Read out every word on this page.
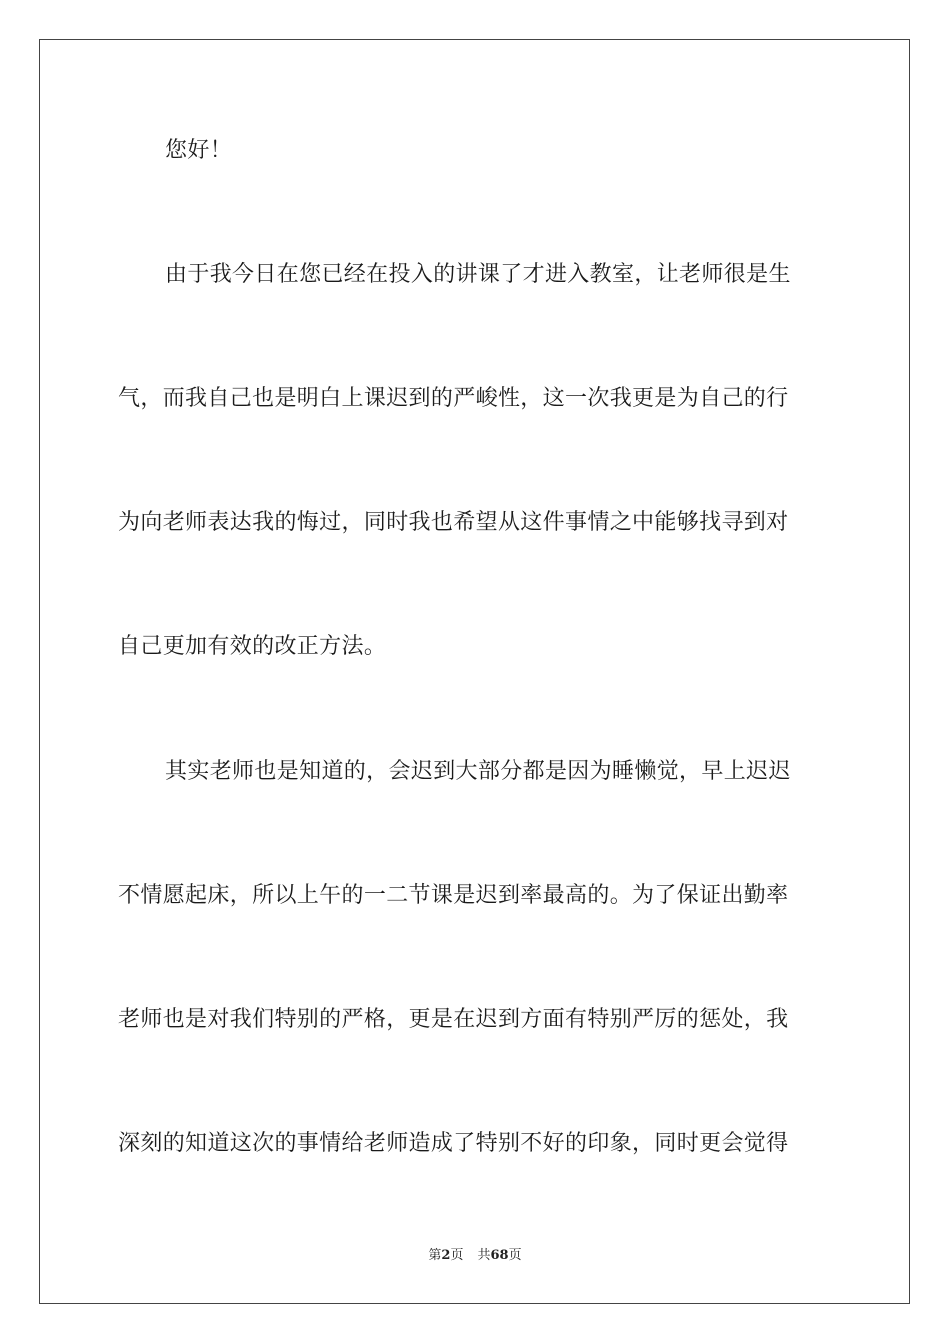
您好！
由于我今日在您已经在投入的讲课了才进入教室，让老师很是生
气，而我自己也是明白上课迟到的严峻性，这一次我更是为自己的行
为向老师表达我的悔过，同时我也希望从这件事情之中能够找寻到对
自己更加有效的改正方法。
其实老师也是知道的，会迟到大部分都是因为睡懒觉，早上迟迟
不情愿起床，所以上午的一二节课是迟到率最高的。为了保证出勤率
老师也是对我们特别的严格，更是在迟到方面有特别严厉的惩处，我
深刻的知道这次的事情给老师造成了特别不好的印象，同时更会觉得
第2页 共68页
